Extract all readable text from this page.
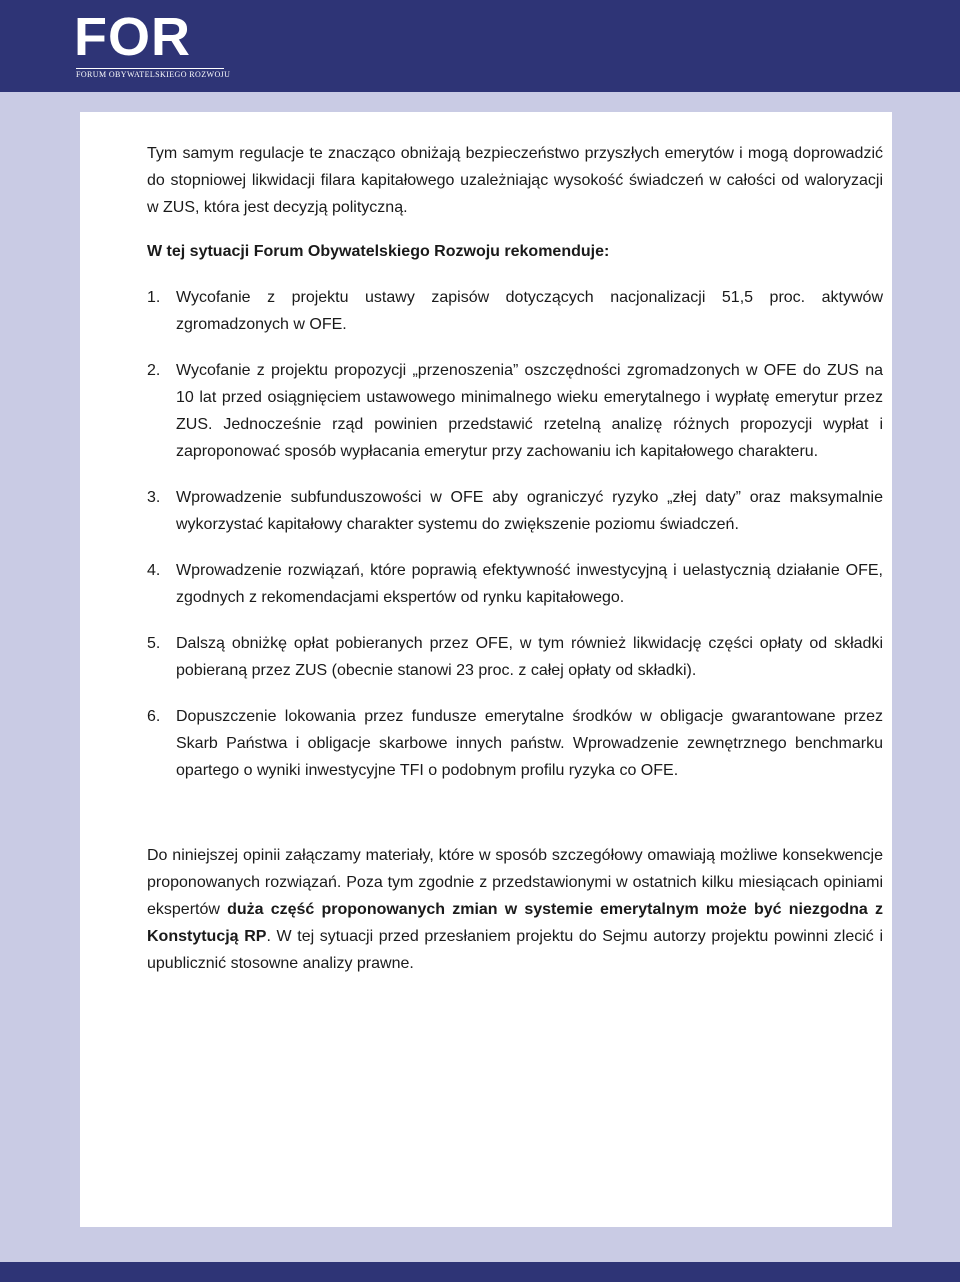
FOR
FORUM OBYWATELSKIEGO ROZWOJU

Tym samym regulacje te znacząco obniżają bezpieczeństwo przyszłych emerytów i mogą doprowadzić do stopniowej likwidacji filara kapitałowego uzależniając wysokość świadczeń w całości od waloryzacji w ZUS, która jest decyzją polityczną.

W tej sytuacji Forum Obywatelskiego Rozwoju rekomenduje:

1. Wycofanie z projektu ustawy zapisów dotyczących nacjonalizacji 51,5 proc. aktywów zgromadzonych w OFE.
2. Wycofanie z projektu propozycji „przenoszenia” oszczędności zgromadzonych w OFE do ZUS na 10 lat przed osiągnięciem ustawowego minimalnego wieku emerytalnego i wypłatę emerytur przez ZUS. Jednocześnie rząd powinien przedstawić rzetelną analizę różnych propozycji wypłat i zaproponować sposób wypłacania emerytur przy zachowaniu ich kapitałowego charakteru.
3. Wprowadzenie subfunduszowości w OFE aby ograniczyć ryzyko „złej daty” oraz maksymalnie wykorzystać kapitałowy charakter systemu do zwiększenie poziomu świadczeń.
4. Wprowadzenie rozwiązań, które poprawią efektywność inwestycyjną i uelastycznią działanie OFE, zgodnych z rekomendacjami ekspertów od rynku kapitałowego.
5. Dalszą obniżkę opłat pobieranych przez OFE, w tym również likwidację części opłaty od składki pobieraną przez ZUS (obecnie stanowi 23 proc. z całej opłaty od składki).
6. Dopuszczenie lokowania przez fundusze emerytalne środków w obligacje gwarantowane przez Skarb Państwa i obligacje skarbowe innych państw. Wprowadzenie zewnętrznego benchmarku opartego o wyniki inwestycyjne TFI o podobnym profilu ryzyka co OFE.

Do niniejszej opinii załączamy materiały, które w sposób szczegółowy omawiają możliwe konsekwencje proponowanych rozwiązań. Poza tym zgodnie z przedstawionymi w ostatnich kilku miesiącach opiniami ekspertów duża część proponowanych zmian w systemie emerytalnym może być niezgodna z Konstytucją RP. W tej sytuacji przed przesłaniem projektu do Sejmu autorzy projektu powinni zlecić i upublicznić stosowne analizy prawne.
